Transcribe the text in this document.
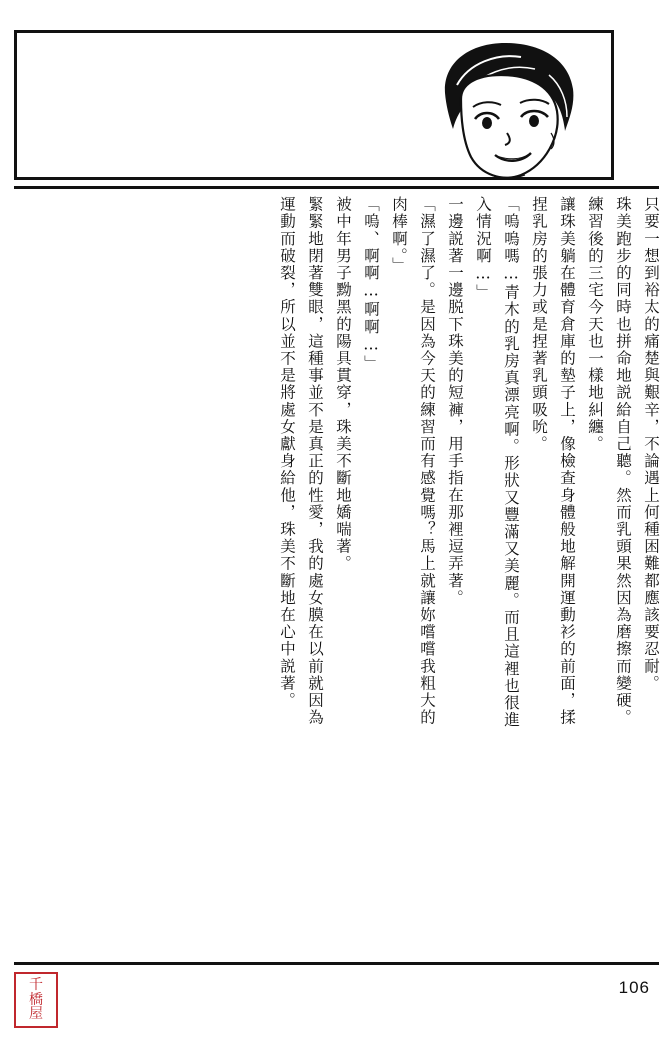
只要一想到裕太的痛楚與艱辛，不論遇上何種困難都應該要忍耐。
珠美跑步的同時也拼命地説給自己聽。然而乳頭果然因為磨擦而變硬。
練習後的三宅今天也一樣地糾纏。
讓珠美躺在體育倉庫的墊子上，像檢查身體般地解開運動衫的前面，揉
捏乳房的張力或是捏著乳頭吸吮。
「嗚嗚嗎…青木的乳房真漂亮啊。形狀又豐滿又美麗。而且這裡也很進
入情況啊…」
一邊説著一邊脱下珠美的短褲，用手指在那裡逗弄著。
「濕了濕了。是因為今天的練習而有感覺嗎？馬上就讓妳嚐嚐我粗大的
肉棒啊。」
「嗚、啊啊…啊啊…」
被中年男子黝黑的陽具貫穿，珠美不斷地嬌喘著。
緊緊地閉著雙眼，這種事並不是真正的性愛，我的處女膜在以前就因為
運動而破裂，所以並不是將處女獻身給他，珠美不斷地在心中説著。
千
橋
屋
106
